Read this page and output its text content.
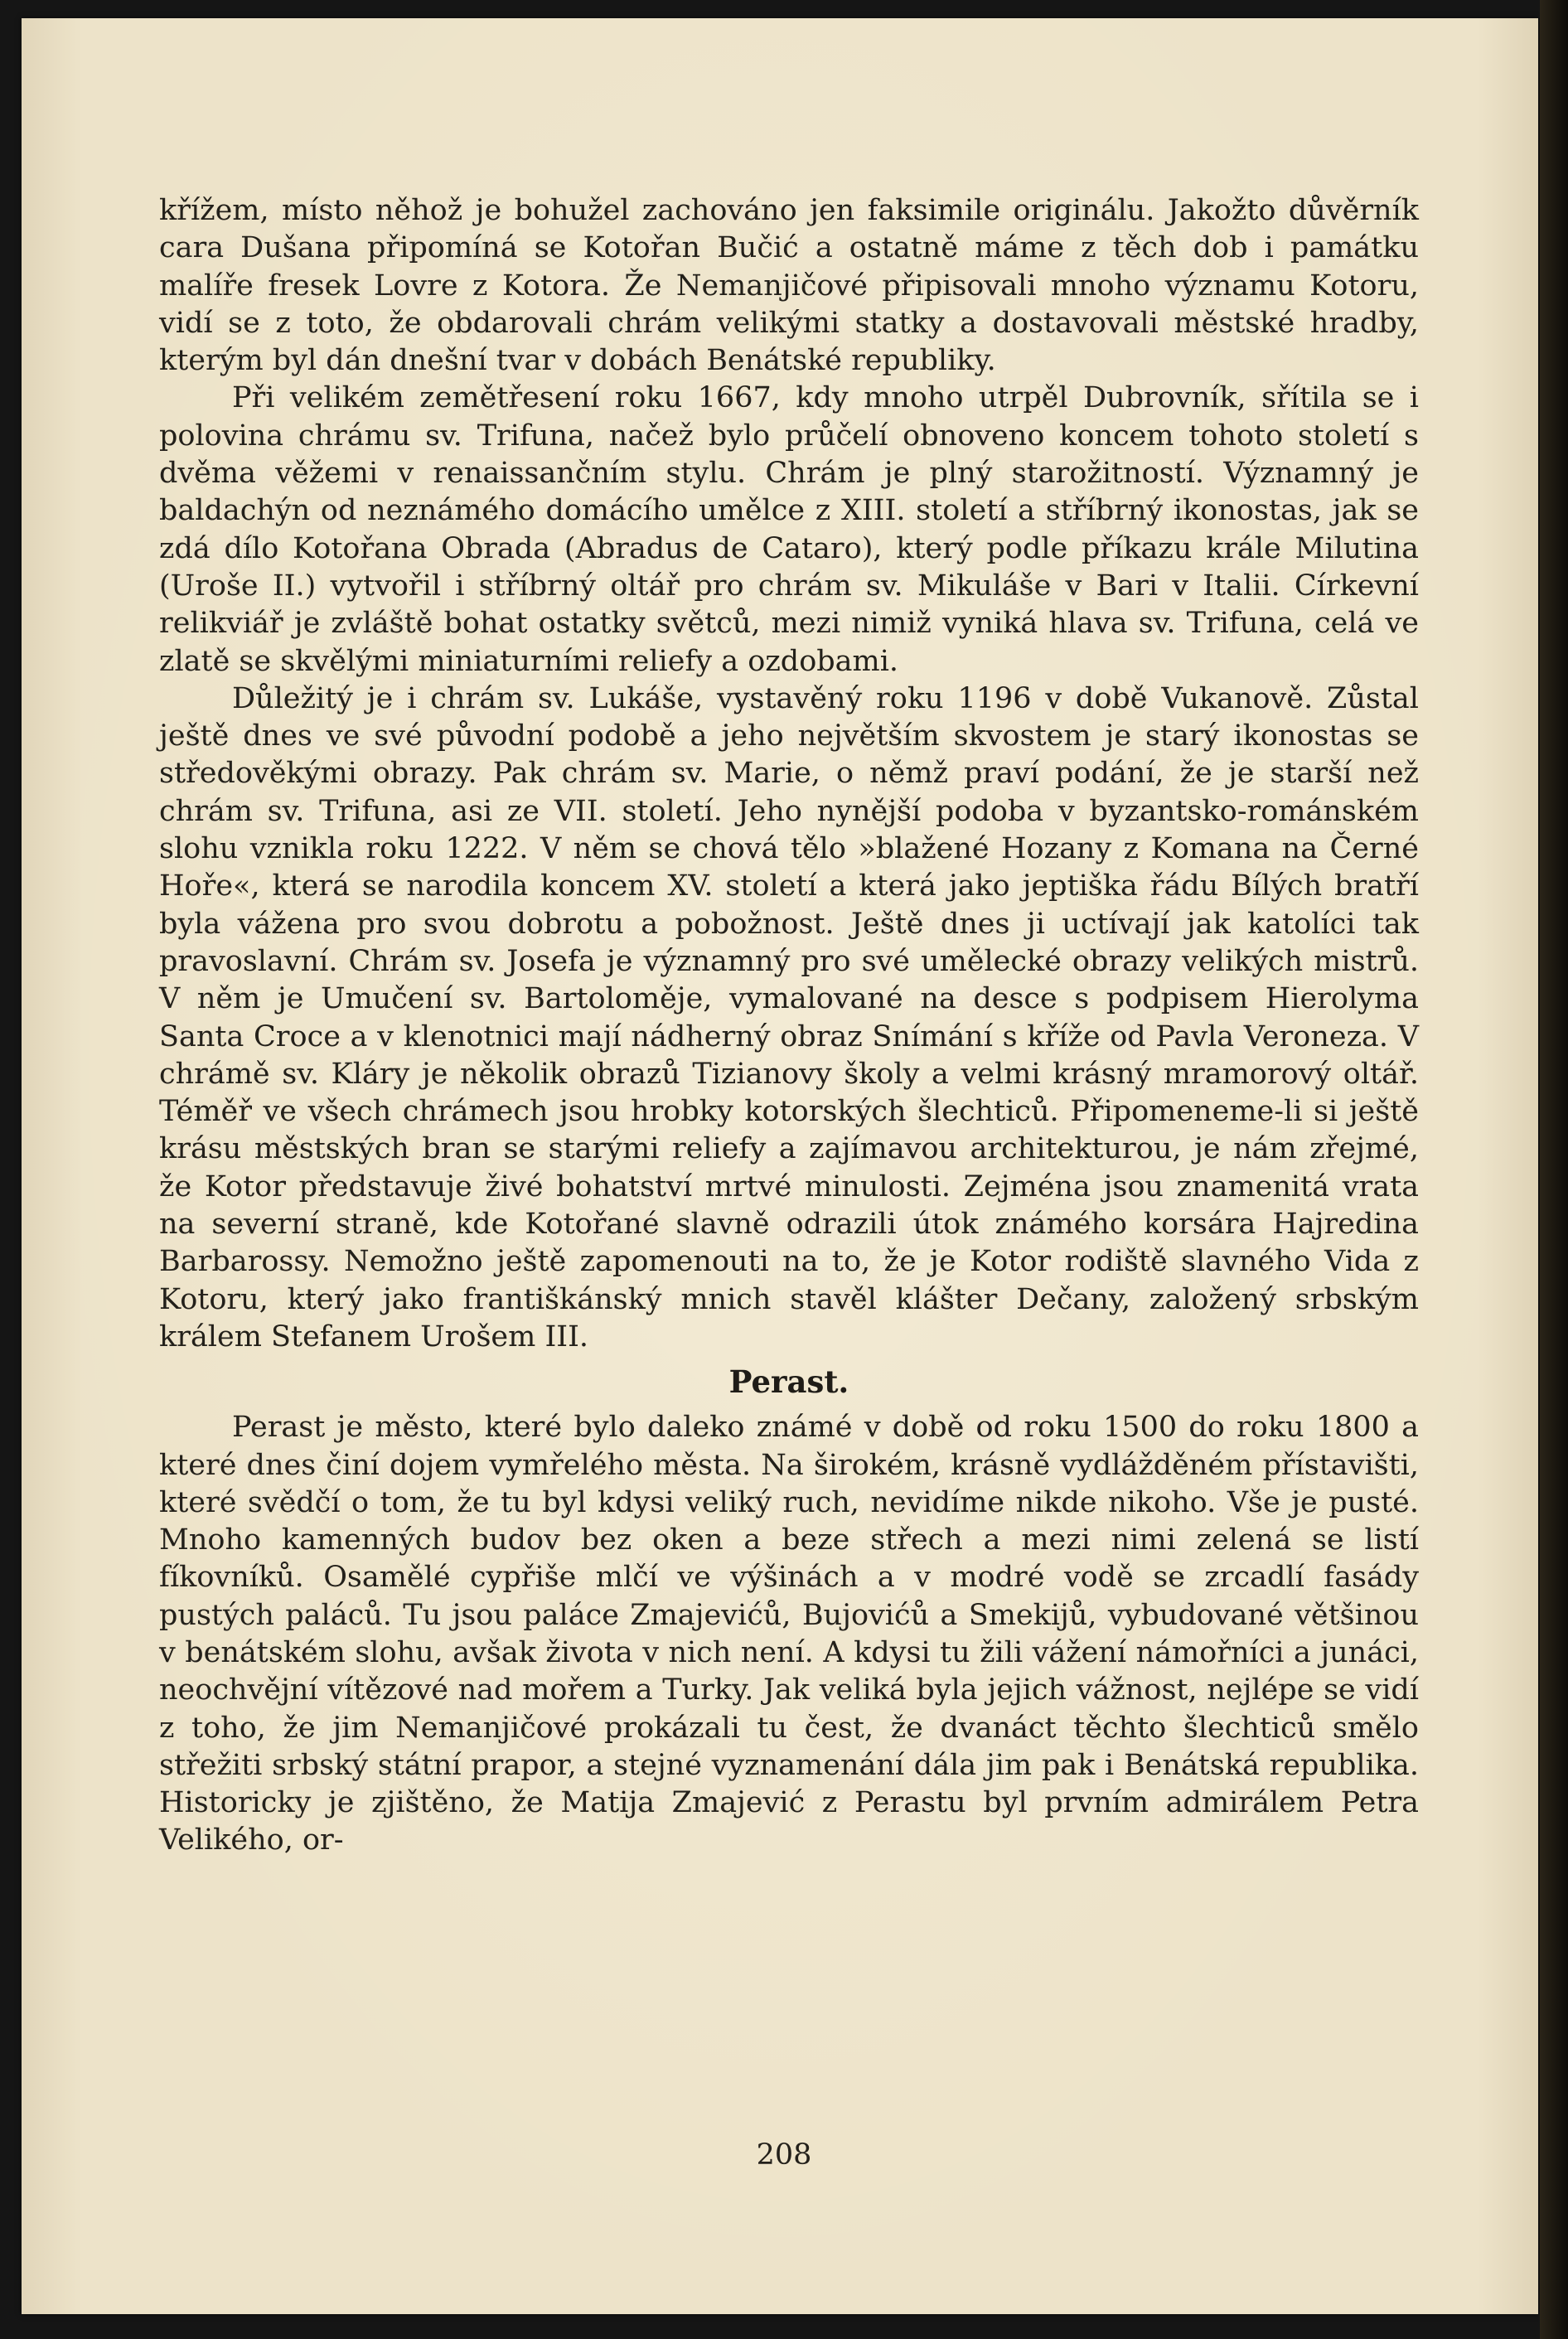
křížem, místo něhož je bohužel zachováno jen faksimile originálu. Jakožto důvěrník cara Dušana připomíná se Kotořan Bučić a ostatně máme z těch dob i památku malíře fresek Lovre z Kotora. Že Nemanjičové připisovali mnoho významu Kotoru, vidí se z toto, že obdarovali chrám velikými statky a dostavovali městské hradby, kterým byl dán dnešní tvar v dobách Benátské republiky.

Při velikém zemětřesení roku 1667, kdy mnoho utrpěl Dubrovník, sřítila se i polovina chrámu sv. Trifuna, načež bylo průčelí obnoveno koncem tohoto století s dvěma věžemi v renaissančním stylu. Chrám je plný starožitností. Významný je baldachýn od neznámého domácího umělce z XIII. století a stříbrný ikonostas, jak se zdá dílo Kotořana Obrada (Abradus de Cataro), který podle příkazu krále Milutina (Uroše II.) vytvořil i stříbrný oltář pro chrám sv. Mikuláše v Bari v Italii. Církevní relikviář je zvláště bohat ostatky světců, mezi nimiž vyniká hlava sv. Trifuna, celá ve zlatě se skvělými miniaturními reliefy a ozdobami.

Důležitý je i chrám sv. Lukáše, vystavěný roku 1196 v době Vukanově. Zůstal ještě dnes ve své původní podobě a jeho největším skvostem je starý ikonostas se středověkými obrazy. Pak chrám sv. Marie, o němž praví podání, že je starší než chrám sv. Trifuna, asi ze VII. století. Jeho nynější podoba v byzantsko-románském slohu vznikla roku 1222. V něm se chová tělo »blažené Hozany z Komana na Černé Hoře«, která se narodila koncem XV. století a která jako jeptiška řádu Bílých bratří byla vážena pro svou dobrotu a pobožnost. Ještě dnes ji uctívají jak katolíci tak pravoslavní. Chrám sv. Josefa je významný pro své umělecké obrazy velikých mistrů. V něm je Umučení sv. Bartoloměje, vymalované na desce s podpisem Hierolyma Santa Croce a v klenotnici mají nádherný obraz Snímání s kříže od Pavla Veroneza. V chrámě sv. Kláry je několik obrazů Tizianovy školy a velmi krásný mramorový oltář. Téměř ve všech chrámech jsou hrobky kotorských šlechticů. Připomeneme-li si ještě krásu městských bran se starými reliefy a zajímavou architekturou, je nám zřejmé, že Kotor představuje živé bohatství mrtvé minulosti. Zejména jsou znamenitá vrata na severní straně, kde Kotořané slavně odrazili útok známého korsára Hajredina Barbarossy. Nemožno ještě zapomenouti na to, že je Kotor rodiště slavného Vida z Kotoru, který jako františkánský mnich stavěl klášter Dečany, založený srbským králem Stefanem Urošem III.

Perast.

Perast je město, které bylo daleko známé v době od roku 1500 do roku 1800 a které dnes činí dojem vymřelého města. Na širokém, krásně vydlážděném přístavišti, které svědčí o tom, že tu byl kdysi veliký ruch, nevidíme nikde nikoho. Vše je pusté. Mnoho kamenných budov bez oken a beze střech a mezi nimi zelená se listí fíkovníků. Osamělé cypřiše mlčí ve výšinách a v modré vodě se zrcadlí fasády pustých paláců. Tu jsou paláce Zmajevićů, Bujovićů a Smekijů, vybudované většinou v benátském slohu, avšak života v nich není. A kdysi tu žili vážení námořníci a junáci, neochvějní vítězové nad mořem a Turky. Jak veliká byla jejich vážnost, nejlépe se vidí z toho, že jim Nemanjičové prokázali tu čest, že dvanáct těchto šlechticů smělo střežiti srbský státní prapor, a stejné vyznamenání dála jim pak i Benátská republika. Historicky je zjištěno, že Matija Zmajević z Perastu byl prvním admirálem Petra Velikého, or-

208
